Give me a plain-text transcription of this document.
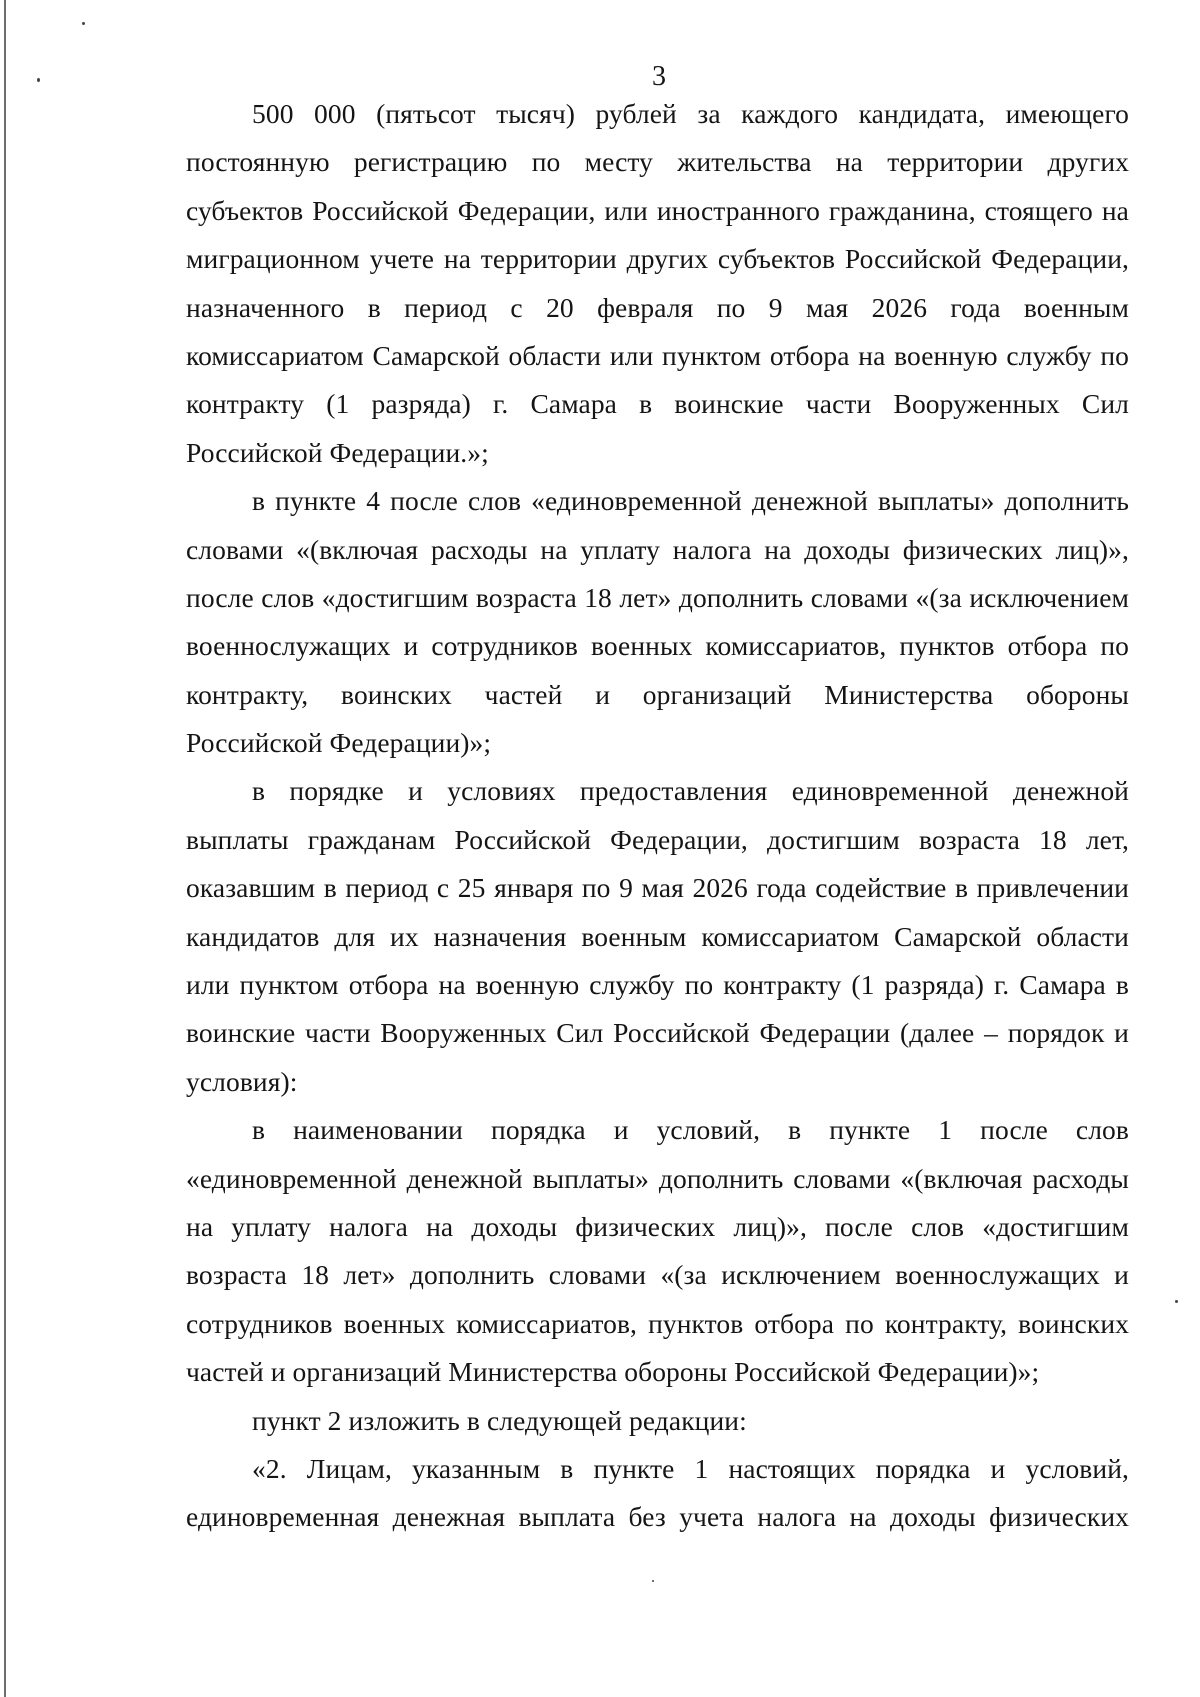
3
500 000 (пятьсот тысяч) рублей за каждого кандидата, имеющего
постоянную регистрацию по месту жительства на территории других
субъектов Российской Федерации, или иностранного гражданина, стоящего на
миграционном учете на территории других субъектов Российской Федерации,
назначенного в период с 20 февраля по 9 мая 2026 года военным
комиссариатом Самарской области или пунктом отбора на военную службу по
контракту (1 разряда) г. Самара в воинские части Вооруженных Сил
Российской Федерации.»;
в пункте 4 после слов «единовременной денежной выплаты» дополнить
словами «(включая расходы на уплату налога на доходы физических лиц)»,
после слов «достигшим возраста 18 лет» дополнить словами «(за исключением
военнослужащих и сотрудников военных комиссариатов, пунктов отбора по
контракту, воинских частей и организаций Министерства обороны
Российской Федерации)»;
в порядке и условиях предоставления единовременной денежной
выплаты гражданам Российской Федерации, достигшим возраста 18 лет,
оказавшим в период с 25 января по 9 мая 2026 года содействие в привлечении
кандидатов для их назначения военным комиссариатом Самарской области
или пунктом отбора на военную службу по контракту (1 разряда) г. Самара в
воинские части Вооруженных Сил Российской Федерации (далее – порядок и
условия):
в наименовании порядка и условий, в пункте 1 после слов
«единовременной денежной выплаты» дополнить словами «(включая расходы
на уплату налога на доходы физических лиц)», после слов «достигшим
возраста 18 лет» дополнить словами «(за исключением военнослужащих и
сотрудников военных комиссариатов, пунктов отбора по контракту, воинских
частей и организаций Министерства обороны Российской Федерации)»;
пункт 2 изложить в следующей редакции:
«2. Лицам, указанным в пункте 1 настоящих порядка и условий,
единовременная денежная выплата без учета налога на доходы физических
